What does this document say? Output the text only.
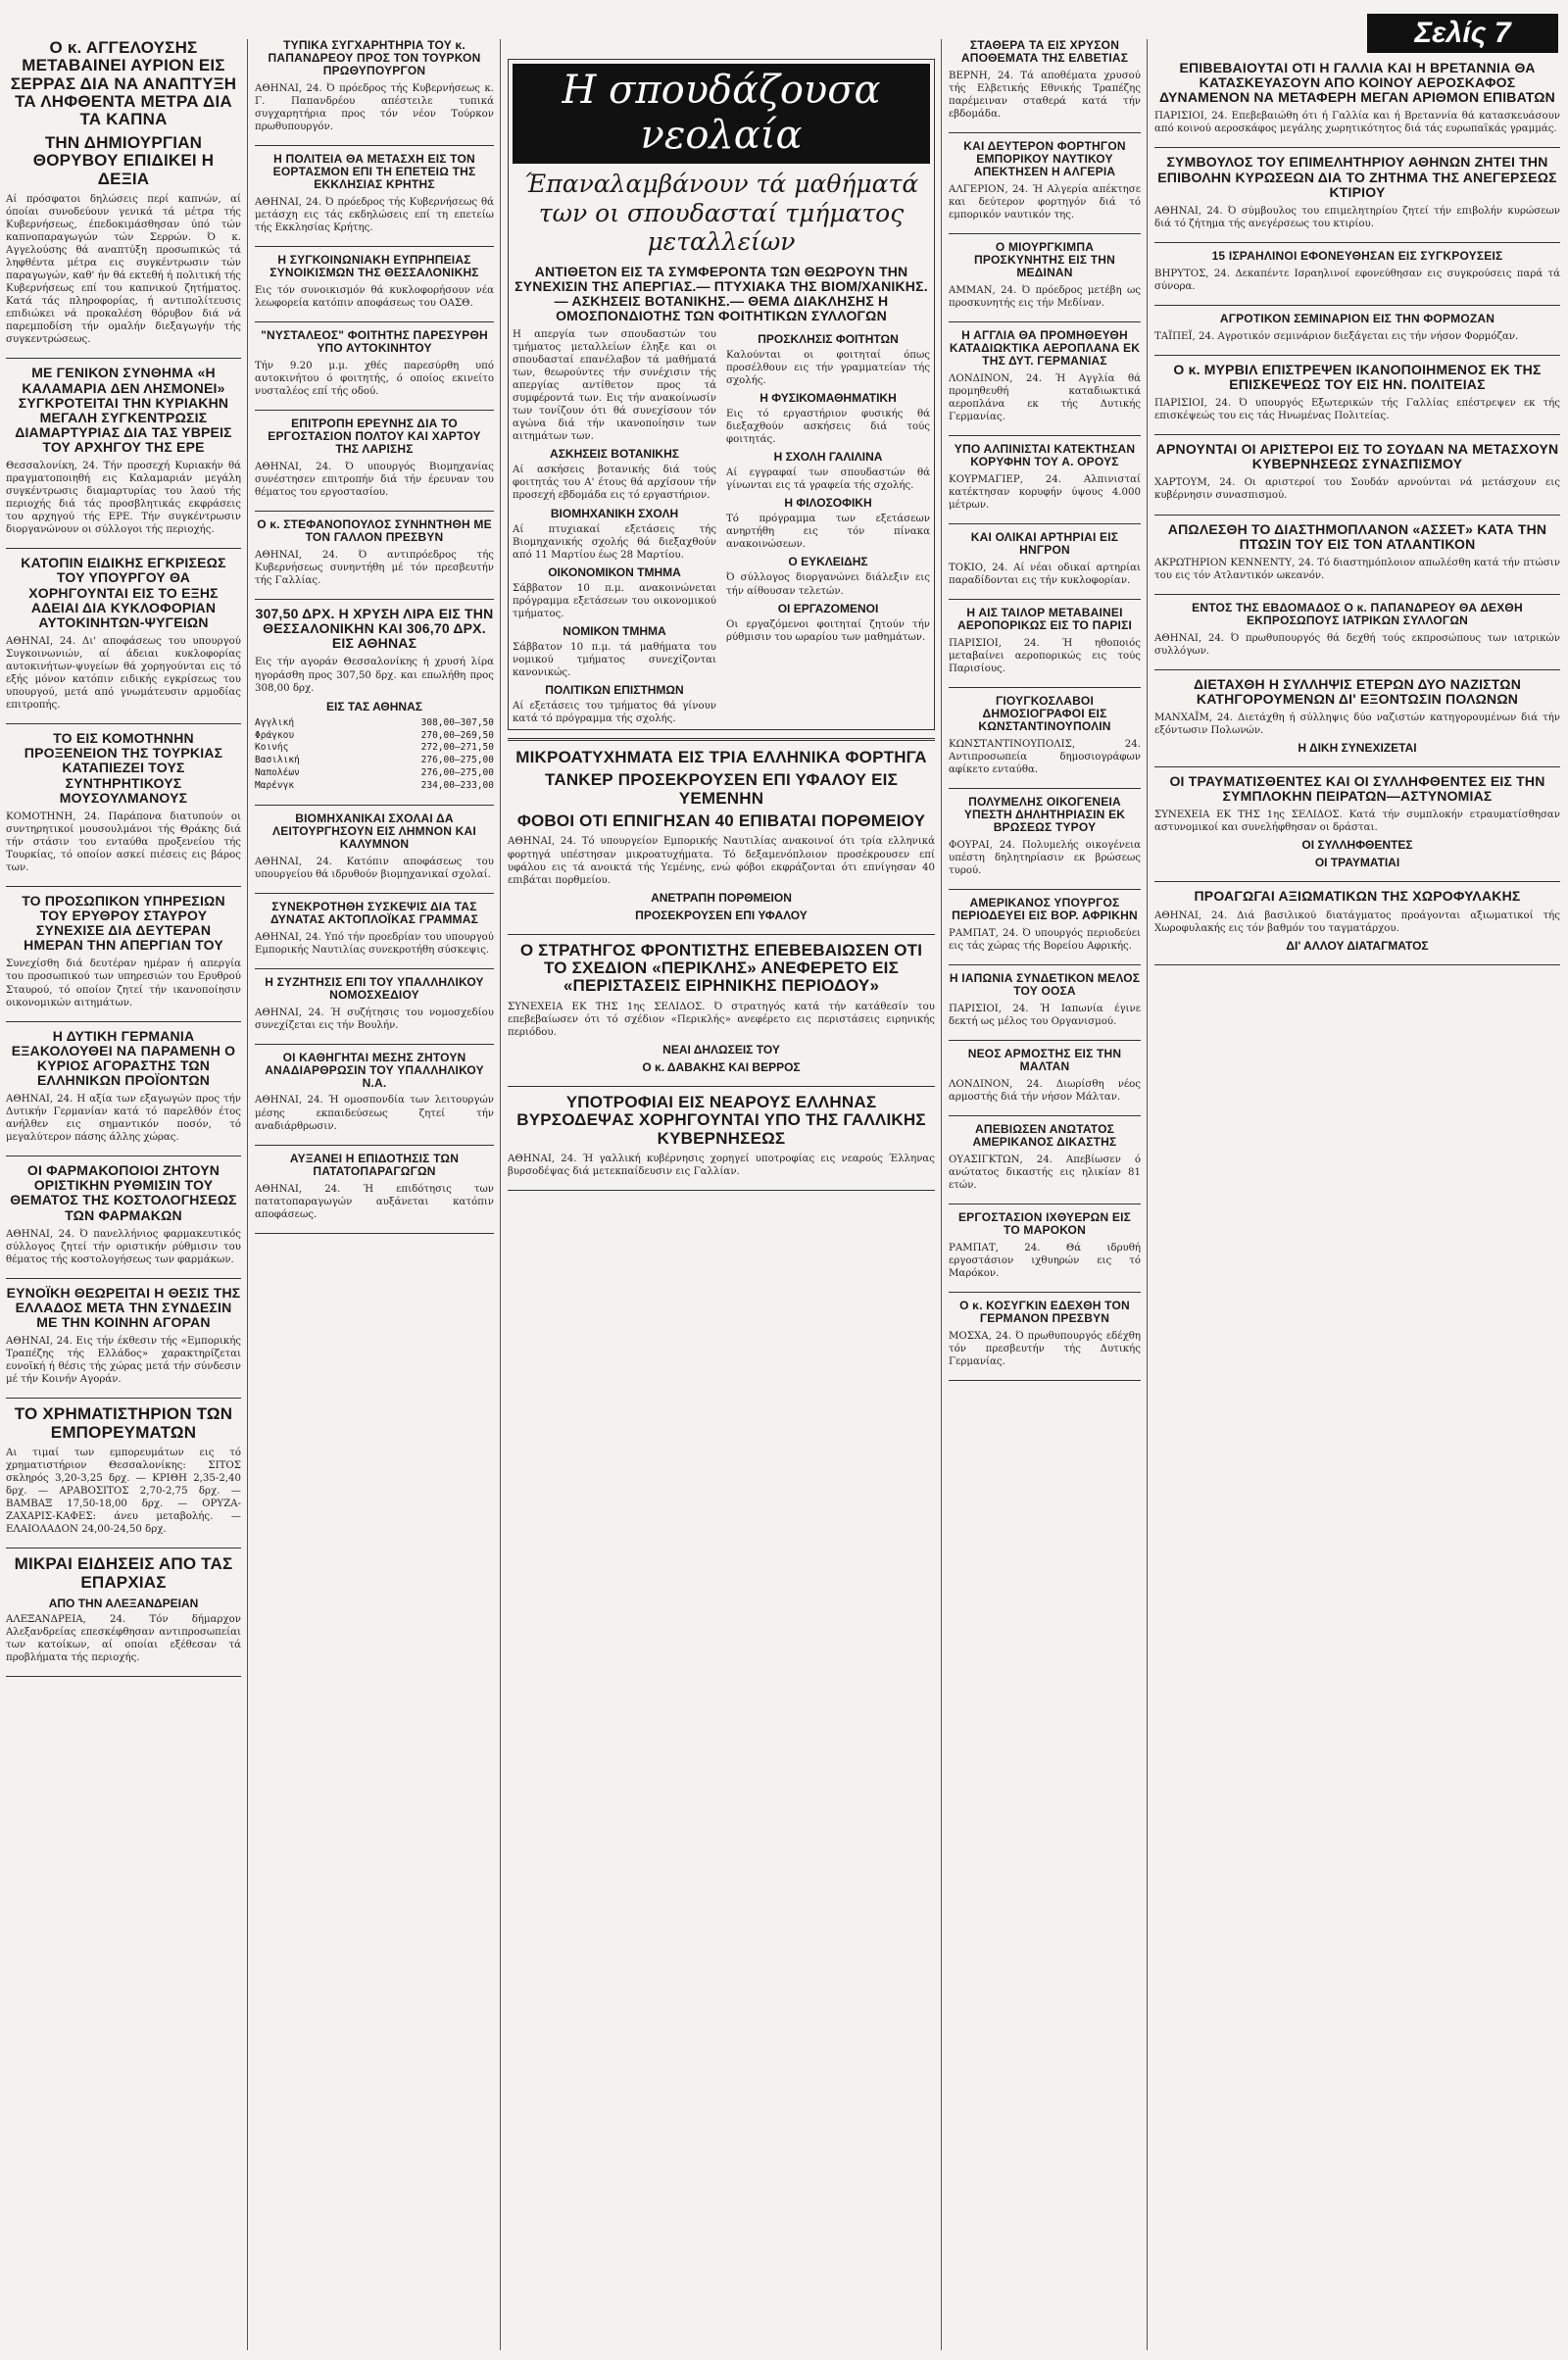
Σελίς 7
Ο κ. ΑΓΓΕΛΟΥΣΗΣ ΜΕΤΑΒΑΙΝΕΙ ΑΥΡΙΟΝ ΕΙΣ ΣΕΡΡΑΣ ΔΙΑ ΝΑ ΑΝΑΠΤΥΞΗ ΤΑ ΛΗΦΘΕΝΤΑ ΜΕΤΡΑ ΔΙΑ ΤΑ ΚΑΠΝΑ
ΤΗΝ ΔΗΜΙΟΥΡΓΙΑΝ ΘΟΡΥΒΟΥ ΕΠΙΔΙΚΕΙ Η ΔΕΞΙΑ

Αί πρόσφατοι δηλώσεις περί καπνών, αί όποίαι συνοδεύουν γενικά τά μέτρα τής Κυβερνήσεως, έπεδοκιμάσθησαν ύπό τών καπνοπαραγωγών τών Σερρών. Ό κ. Αγγελούσης θά αναπτύξη προσωπικώς τά ληφθέντα μέτρα εις συγκέντρωσιν τών παραγωγών, καθ' ήν θά εκτεθή ή πολιτική τής Κυβερνήσεως επί του καπνικού ζητήματος. Κατά τάς πληροφορίας, ή αντιπολίτευσις επιδιώκει νά προκαλέση θόρυβον διά νά παρεμποδίση τήν ομαλήν διεξαγωγήν τής συγκεντρώσεως.

ΜΕ ΓΕΝΙΚΟΝ ΣΥΝΘΗΜΑ «Η ΚΑΛΑΜΑΡΙΑ ΔΕΝ ΛΗΣΜΟΝΕΙ» ΣΥΓΚΡΟΤΕΙΤΑΙ ΤΗΝ ΚΥΡΙΑΚΗΝ ΜΕΓΑΛΗ ΣΥΓΚΕΝΤΡΩΣΙΣ ΔΙΑΜΑΡΤΥΡΙΑΣ ΔΙΑ ΤΑΣ ΥΒΡΕΙΣ ΤΟΥ ΑΡΧΗΓΟΥ ΤΗΣ ΕΡΕ

Θεσσαλονίκη, 24. Τήν προσεχή Κυριακήν θά πραγματοποιηθή εις Καλαμαριάν μεγάλη συγκέντρωσις διαμαρτυρίας του λαού τής περιοχής διά τάς προσβλητικάς εκφράσεις του αρχηγού τής ΕΡΕ. Τήν συγκέντρωσιν διοργανώνουν οι σύλλογοι τής περιοχής.

ΚΑΤΟΠΙΝ ΕΙΔΙΚΗΣ ΕΓΚΡΙΣΕΩΣ ΤΟΥ ΥΠΟΥΡΓΟΥ ΘΑ ΧΟΡΗΓΟΥΝΤΑΙ ΕΙΣ ΤΟ ΕΞΗΣ ΑΔΕΙΑΙ ΔΙΑ ΚΥΚΛΟΦΟΡΙΑΝ ΑΥΤΟΚΙΝΗΤΩΝ-ΨΥΓΕΙΩΝ

ΑΘΗΝΑΙ, 24. Δι' αποφάσεως του υπουργού Συγκοινωνιών, αί άδειαι κυκλοφορίας αυτοκινήτων-ψυγείων θά χορηγούνται εις τό εξής μόνον κατόπιν ειδικής εγκρίσεως του υπουργού, μετά από γνωμάτευσιν αρμοδίας επιτροπής.

ΤΟ ΕΙΣ ΚΟΜΟΤΗΝΗΝ ΠΡΟΞΕΝΕΙΟΝ ΤΗΣ ΤΟΥΡΚΙΑΣ ΚΑΤΑΠΙΕΖΕΙ ΤΟΥΣ ΣΥΝΤΗΡΗΤΙΚΟΥΣ ΜΟΥΣΟΥΛΜΑΝΟΥΣ

ΚΟΜΟΤΗΝΗ, 24. Παράπονα διατυπούν οι συντηρητικοί μουσουλμάνοι τής Θράκης διά τήν στάσιν του ενταύθα προξενείου τής Τουρκίας, τό οποίον ασκεί πιέσεις εις βάρος των.

ΤΟ ΠΡΟΣΩΠΙΚΟΝ ΥΠΗΡΕΣΙΩΝ ΤΟΥ ΕΡΥΘΡΟΥ ΣΤΑΥΡΟΥ ΣΥΝΕΧΙΣΕ ΔΙΑ ΔΕΥΤΕΡΑΝ ΗΜΕΡΑΝ ΤΗΝ ΑΠΕΡΓΙΑΝ ΤΟΥ

Συνεχίσθη διά δευτέραν ημέραν ή απεργία του προσωπικού των υπηρεσιών του Ερυθρού Σταυρού, τό οποίον ζητεί τήν ικανοποίησιν οικονομικών αιτημάτων.

Η ΔΥΤΙΚΗ ΓΕΡΜΑΝΙΑ ΕΞΑΚΟΛΟΥΘΕΙ ΝΑ ΠΑΡΑΜΕΝΗ Ο ΚΥΡΙΟΣ ΑΓΟΡΑΣΤΗΣ ΤΩΝ ΕΛΛΗΝΙΚΩΝ ΠΡΟΪΟΝΤΩΝ

ΑΘΗΝΑΙ, 24. Η αξία των εξαγωγών προς τήν Δυτικήν Γερμανίαν κατά τό παρελθόν έτος ανήλθεν εις σημαντικόν ποσόν, τό μεγαλύτερον πάσης άλλης χώρας.

ΟΙ ΦΑΡΜΑΚΟΠΟΙΟΙ ΖΗΤΟΥΝ ΟΡΙΣΤΙΚΗΝ ΡΥΘΜΙΣΙΝ ΤΟΥ ΘΕΜΑΤΟΣ ΤΗΣ ΚΟΣΤΟΛΟΓΗΣΕΩΣ ΤΩΝ ΦΑΡΜΑΚΩΝ

ΑΘΗΝΑΙ, 24. Ό πανελλήνιος φαρμακευτικός σύλλογος ζητεί τήν οριστικήν ρύθμισιν του θέματος τής κοστολογήσεως των φαρμάκων.

ΕΥΝΟΪΚΗ ΘΕΩΡΕΙΤΑΙ Η ΘΕΣΙΣ ΤΗΣ ΕΛΛΑΔΟΣ ΜΕΤΑ ΤΗΝ ΣΥΝΔΕΣΙΝ ΜΕ ΤΗΝ ΚΟΙΝΗΝ ΑΓΟΡΑΝ

ΑΘΗΝΑΙ, 24. Εις τήν έκθεσιν τής «Εμπορικής Τραπέζης τής Ελλάδος» χαρακτηρίζεται ευνοϊκή ή θέσις τής χώρας μετά τήν σύνδεσιν μέ τήν Κοινήν Αγοράν.

ΤΟ ΧΡΗΜΑΤΙΣΤΗΡΙΟΝ ΤΩΝ ΕΜΠΟΡΕΥΜΑΤΩΝ

Αι τιμαί των εμπορευμάτων εις τό χρηματιστήριον Θεσσαλονίκης: ΣΙΤΟΣ σκληρός 3,20-3,25 δρχ. — ΚΡΙΘΗ 2,35-2,40 δρχ. — ΑΡΑΒΟΣΙΤΟΣ 2,70-2,75 δρχ. — ΒΑΜΒΑΞ 17,50-18,00 δρχ. — ΟΡΥΖΑ-ΖΑΧΑΡΙΣ-ΚΑΦΕΣ: άνευ μεταβολής. — ΕΛΑΙΟΛΑΔΟΝ 24,00-24,50 δρχ.

ΜΙΚΡΑΙ ΕΙΔΗΣΕΙΣ ΑΠΟ ΤΑΣ ΕΠΑΡΧΙΑΣ
ΑΠΟ ΤΗΝ ΑΛΕΞΑΝΔΡΕΙΑΝ

ΑΛΕΞΑΝΔΡΕΙΑ, 24. Τόν δήμαρχον Αλεξανδρείας επεσκέφθησαν αντιπροσωπείαι των κατοίκων, αί οποίαι εξέθεσαν τά προβλήματα τής περιοχής.

ΤΥΠΙΚΑ ΣΥΓΧΑΡΗΤΗΡΙΑ ΤΟΥ κ. ΠΑΠΑΝΔΡΕΟΥ ΠΡΟΣ ΤΟΝ ΤΟΥΡΚΟΝ ΠΡΩΘΥΠΟΥΡΓΟΝ

ΑΘΗΝΑΙ, 24. Ό πρόεδρος τής Κυβερνήσεως κ. Γ. Παπανδρέου απέστειλε τυπικά συγχαρητήρια προς τόν νέον Τούρκον πρωθυπουργόν.

Η ΠΟΛΙΤΕΙΑ ΘΑ ΜΕΤΑΣΧΗ ΕΙΣ ΤΟΝ ΕΟΡΤΑΣΜΟΝ ΕΠΙ ΤΗ ΕΠΕΤΕΙΩ ΤΗΣ ΕΚΚΛΗΣΙΑΣ ΚΡΗΤΗΣ

ΑΘΗΝΑΙ, 24. Ό πρόεδρος τής Κυβερνήσεως θά μετάσχη εις τάς εκδηλώσεις επί τη επετείω τής Εκκλησίας Κρήτης.

Η ΣΥΓΚΟΙΝΩΝΙΑΚΗ ΕΥΠΡΗΠΕΙΑΣ ΣΥΝΟΙΚΙΣΜΩΝ ΤΗΣ ΘΕΣΣΑΛΟΝΙΚΗΣ

Εις τόν συνοικισμόν θά κυκλοφορήσουν νέα λεωφορεία κατόπιν αποφάσεως του ΟΑΣΘ.

"ΝΥΣΤΑΛΕΟΣ" ΦΟΙΤΗΤΗΣ ΠΑΡΕΣΥΡΘΗ ΥΠΟ ΑΥΤΟΚΙΝΗΤΟΥ

Τήν 9.20 μ.μ. χθές παρεσύρθη υπό αυτοκινήτου ό φοιτητής, ό οποίος εκινείτο νυσταλέος επί τής οδού.

ΕΠΙΤΡΟΠΗ ΕΡΕΥΝΗΣ ΔΙΑ ΤΟ ΕΡΓΟΣΤΑΣΙΟΝ ΠΟΛΤΟΥ ΚΑΙ ΧΑΡΤΟΥ ΤΗΣ ΛΑΡΙΣΗΣ

ΑΘΗΝΑΙ, 24. Ό υπουργός Βιομηχανίας συνέστησεν επιτροπήν διά τήν έρευναν του θέματος του εργοστασίου.

Ο κ. ΣΤΕΦΑΝΟΠΟΥΛΟΣ ΣΥΝΗΝΤΗΘΗ ΜΕ ΤΟΝ ΓΑΛΛΟΝ ΠΡΕΣΒΥΝ

ΑΘΗΝΑΙ, 24. Ό αντιπρόεδρος τής Κυβερνήσεως συνηντήθη μέ τόν πρεσβευτήν τής Γαλλίας.

307,50 ΔΡΧ. Η ΧΡΥΣΗ ΛΙΡΑ ΕΙΣ ΤΗΝ ΘΕΣΣΑΛΟΝΙΚΗΝ ΚΑΙ 306,70 ΔΡΧ. ΕΙΣ ΑΘΗΝΑΣ

Εις τήν αγοράν Θεσσαλονίκης ή χρυσή λίρα ηγοράσθη προς 307,50 δρχ. και επωλήθη προς 308,00 δρχ.

ΕΙΣ ΤΑΣ ΑΘΗΝΑΣ
Αγγλική	308,00—307,50
Φράγκου	270,00—269,50
Κοινής	272,00—271,50
Βασιλική	276,00—275,00
Ναπολέων	276,00—275,00
Μαρένγκ	234,00—233,00
ΒΙΟΜΗΧΑΝΙΚΑΙ ΣΧΟΛΑΙ ΔΑ ΛΕΙΤΟΥΡΓΗΣΟΥΝ ΕΙΣ ΛΗΜΝΟΝ ΚΑΙ ΚΑΛΥΜΝΟΝ

ΑΘΗΝΑΙ, 24. Κατόπιν αποφάσεως του υπουργείου θά ιδρυθούν βιομηχανικαί σχολαί.

ΣΥΝΕΚΡΟΤΗΘΗ ΣΥΣΚΕΨΙΣ ΔΙΑ ΤΑΣ ΔΥΝΑΤΑΣ ΑΚΤΟΠΛΟΪΚΑΣ ΓΡΑΜΜΑΣ

ΑΘΗΝΑΙ, 24. Υπό τήν προεδρίαν του υπουργού Εμπορικής Ναυτιλίας συνεκροτήθη σύσκεψις.

Η ΣΥΖΗΤΗΣΙΣ ΕΠΙ ΤΟΥ ΥΠΑΛΛΗΛΙΚΟΥ ΝΟΜΟΣΧΕΔΙΟΥ

ΑΘΗΝΑΙ, 24. Ή συζήτησις του νομοσχεδίου συνεχίζεται εις τήν Βουλήν.

ΟΙ ΚΑΘΗΓΗΤΑΙ ΜΕΣΗΣ ΖΗΤΟΥΝ ΑΝΑΔΙΑΡΘΡΩΣΙΝ ΤΟΥ ΥΠΑΛΛΗΛΙΚΟΥ Ν.Α.

ΑΘΗΝΑΙ, 24. Ή ομοσπονδία των λειτουργών μέσης εκπαιδεύσεως ζητεί τήν αναδιάρθρωσιν.

ΑΥΞΑΝΕΙ Η ΕΠΙΔΟΤΗΣΙΣ ΤΩΝ ΠΑΤΑΤΟΠΑΡΑΓΩΓΩΝ

ΑΘΗΝΑΙ, 24. Ή επιδότησις των πατατοπαραγωγών αυξάνεται κατόπιν αποφάσεως.

Η σπουδάζουσα νεολαία
Έπαναλαμβάνουν τά μαθήματά των οι σπουδασταί τμήματος μεταλλείων
ΑΝΤΙΘΕΤΟΝ ΕΙΣ ΤΑ ΣΥΜΦΕΡΟΝΤΑ ΤΩΝ ΘΕΩΡΟΥΝ ΤΗΝ ΣΥΝΕΧΙΣΙΝ ΤΗΣ ΑΠΕΡΓΙΑΣ.— ΠΤΥΧΙΑΚΑ ΤΗΣ ΒΙΟΜ/ΧΑΝΙΚΗΣ.— ΑΣΚΗΣΕΙΣ ΒΟΤΑΝΙΚΗΣ.— ΘΕΜΑ ΔΙΑΚΛΗΣΗΣ Η ΟΜΟΣΠΟΝΔΙΟΤΗΣ ΤΩΝ ΦΟΙΤΗΤΙΚΩΝ ΣΥΛΛΟΓΩΝ

Η απεργία των σπουδαστών του τμήματος μεταλλείων έληξε και οι σπουδασταί επανέλαβον τά μαθήματά των, θεωρούντες τήν συνέχισιν τής απεργίας αντίθετον προς τά συμφέροντά των. Εις τήν ανακοίνωσίν των τονίζουν ότι θά συνεχίσουν τόν αγώνα διά τήν ικανοποίησιν των αιτημάτων των.

ΑΣΚΗΣΕΙΣ ΒΟΤΑΝΙΚΗΣ

Αί ασκήσεις βοτανικής διά τούς φοιτητάς του Α' έτους θά αρχίσουν τήν προσεχή εβδομάδα εις τό εργαστήριον.

ΒΙΟΜΗΧΑΝΙΚΗ ΣΧΟΛΗ

Αί πτυχιακαί εξετάσεις τής Βιομηχανικής σχολής θά διεξαχθούν από 11 Μαρτίου έως 28 Μαρτίου.

ΟΙΚΟΝΟΜΙΚΟΝ ΤΜΗΜΑ

Σάββατον 10 π.μ. ανακοινώνεται πρόγραμμα εξετάσεων του οικονομικού τμήματος.

ΝΟΜΙΚΟΝ ΤΜΗΜΑ

Σάββατον 10 π.μ. τά μαθήματα του νομικού τμήματος συνεχίζονται κανονικώς.

ΠΟΛΙΤΙΚΩΝ ΕΠΙΣΤΗΜΩΝ

Αί εξετάσεις του τμήματος θά γίνουν κατά τό πρόγραμμα τής σχολής.

ΠΡΟΣΚΛΗΣΙΣ ΦΟΙΤΗΤΩΝ

Καλούνται οι φοιτηταί όπως προσέλθουν εις τήν γραμματείαν τής σχολής.

Η ΦΥΣΙΚΟΜΑΘΗΜΑΤΙΚΗ

Εις τό εργαστήριον φυσικής θά διεξαχθούν ασκήσεις διά τούς φοιτητάς.

Η ΣΧΟΛΗ ΓΑΛΙΛΙΝΑ

Αί εγγραφαί των σπουδαστών θά γίνωνται εις τά γραφεία τής σχολής.

Η ΦΙΛΟΣΟΦΙΚΗ

Τό πρόγραμμα των εξετάσεων ανηρτήθη εις τόν πίνακα ανακοινώσεων.

Ο ΕΥΚΛΕΙΔΗΣ

Ό σύλλογος διοργανώνει διάλεξιν εις τήν αίθουσαν τελετών.

ΟΙ ΕΡΓΑΖΟΜΕΝΟΙ

Οι εργαζόμενοι φοιτηταί ζητούν τήν ρύθμισιν του ωραρίου των μαθημάτων.

ΜΙΚΡΟΑΤΥΧΗΜΑΤΑ ΕΙΣ ΤΡΙΑ ΕΛΛΗΝΙΚΑ ΦΟΡΤΗΓΑ
ΤΑΝΚΕΡ ΠΡΟΣΕΚΡΟΥΣΕΝ ΕΠΙ ΥΦΑΛΟΥ ΕΙΣ ΥΕΜΕΝΗΝ
ΦΟΒΟΙ ΟΤΙ ΕΠΝΙΓΗΣΑΝ 40 ΕΠΙΒΑΤΑΙ ΠΟΡΘΜΕΙΟΥ

ΑΘΗΝΑΙ, 24. Τό υπουργείον Εμπορικής Ναυτιλίας ανακοινοί ότι τρία ελληνικά φορτηγά υπέστησαν μικροατυχήματα. Τό δεξαμενόπλοιον προσέκρουσεν επί υφάλου εις τά ανοικτά τής Υεμένης, ενώ φόβοι εκφράζονται ότι επνίγησαν 40 επιβάται πορθμείου.

ΑΝΕΤΡΑΠΗ ΠΟΡΘΜΕΙΟΝ
ΠΡΟΣΕΚΡΟΥΣΕΝ ΕΠΙ ΥΦΑΛΟΥ
Ο ΣΤΡΑΤΗΓΟΣ ΦΡΟΝΤΙΣΤΗΣ ΕΠΕΒΕΒΑΙΩΣΕΝ ΟΤΙ ΤΟ ΣΧΕΔΙΟΝ «ΠΕΡΙΚΛΗΣ» ΑΝΕΦΕΡΕΤΟ ΕΙΣ «ΠΕΡΙΣΤΑΣΕΙΣ ΕΙΡΗΝΙΚΗΣ ΠΕΡΙΟΔΟΥ»

ΣΥΝΕΧΕΙΑ ΕΚ ΤΗΣ 1ης ΣΕΛΙΔΟΣ. Ό στρατηγός κατά τήν κατάθεσίν του επεβεβαίωσεν ότι τό σχέδιον «Περικλής» ανεφέρετο εις περιστάσεις ειρηνικής περιόδου.

ΝΕΑΙ ΔΗΛΩΣΕΙΣ ΤΟΥ
Ο κ. ΔΑΒΑΚΗΣ ΚΑΙ ΒΕΡΡΟΣ
ΥΠΟΤΡΟΦΙΑΙ ΕΙΣ ΝΕΑΡΟΥΣ ΕΛΛΗΝΑΣ ΒΥΡΣΟΔΕΨΑΣ ΧΟΡΗΓΟΥΝΤΑΙ ΥΠΟ ΤΗΣ ΓΑΛΛΙΚΗΣ ΚΥΒΕΡΝΗΣΕΩΣ

ΑΘΗΝΑΙ, 24. Ή γαλλική κυβέρνησις χορηγεί υποτροφίας εις νεαρούς Έλληνας βυρσοδέψας διά μετεκπαίδευσιν εις Γαλλίαν.

ΣΤΑΘΕΡΑ ΤΑ ΕΙΣ ΧΡΥΣΟΝ ΑΠΟΘΕΜΑΤΑ ΤΗΣ ΕΛΒΕΤΙΑΣ

ΒΕΡΝΗ, 24. Τά αποθέματα χρυσού τής Ελβετικής Εθνικής Τραπέζης παρέμειναν σταθερά κατά τήν εβδομάδα.

ΚΑΙ ΔΕΥΤΕΡΟΝ ΦΟΡΤΗΓΟΝ ΕΜΠΟΡΙΚΟΥ ΝΑΥΤΙΚΟΥ ΑΠΕΚΤΗΣΕΝ Η ΑΛΓΕΡΙΑ

ΑΛΓΕΡΙΟΝ, 24. Ή Αλγερία απέκτησε και δεύτερον φορτηγόν διά τό εμπορικόν ναυτικόν της.

Ο ΜΙΟΥΡΓΚΙΜΠΑ ΠΡΟΣΚΥΝΗΤΗΣ ΕΙΣ ΤΗΝ ΜΕΔΙΝΑΝ

ΑΜΜΑΝ, 24. Ό πρόεδρος μετέβη ως προσκυνητής εις τήν Μεδίναν.

Η ΑΓΓΛΙΑ ΘΑ ΠΡΟΜΗΘΕΥΘΗ ΚΑΤΑΔΙΩΚΤΙΚΑ ΑΕΡΟΠΛΑΝΑ ΕΚ ΤΗΣ ΔΥΤ. ΓΕΡΜΑΝΙΑΣ

ΛΟΝΔΙΝΟΝ, 24. Ή Αγγλία θά προμηθευθή καταδιωκτικά αεροπλάνα εκ τής Δυτικής Γερμανίας.

ΥΠΟ ΑΛΠΙΝΙΣΤΑΙ ΚΑΤΕΚΤΗΣΑΝ ΚΟΡΥΦΗΝ ΤΟΥ Α. ΟΡΟΥΣ

ΚΟΥΡΜΑΓΙΕΡ, 24. Αλπινισταί κατέκτησαν κορυφήν ύψους 4.000 μέτρων.

ΚΑΙ ΟΛΙΚΑΙ ΑΡΤΗΡΙΑΙ ΕΙΣ ΗΝΓΡΟΝ

ΤΟΚΙΟ, 24. Αί νέαι οδικαί αρτηρίαι παραδίδονται εις τήν κυκλοφορίαν.

Η ΑΙΣ ΤΑΙΛΟΡ ΜΕΤΑΒΑΙΝΕΙ ΑΕΡΟΠΟΡΙΚΩΣ ΕΙΣ ΤΟ ΠΑΡΙΣΙ

ΠΑΡΙΣΙΟΙ, 24. Ή ηθοποιός μεταβαίνει αεροπορικώς εις τούς Παρισίους.

ΓΙΟΥΓΚΟΣΛΑΒΟΙ ΔΗΜΟΣΙΟΓΡΑΦΟΙ ΕΙΣ ΚΩΝΣΤΑΝΤΙΝΟΥΠΟΛΙΝ

ΚΩΝΣΤΑΝΤΙΝΟΥΠΟΛΙΣ, 24. Αντιπροσωπεία δημοσιογράφων αφίκετο ενταύθα.

ΠΟΛΥΜΕΛΗΣ ΟΙΚΟΓΕΝΕΙΑ ΥΠΕΣΤΗ ΔΗΛΗΤΗΡΙΑΣΙΝ ΕΚ ΒΡΩΣΕΩΣ ΤΥΡΟΥ

ΦΟΥΡΑΙ, 24. Πολυμελής οικογένεια υπέστη δηλητηρίασιν εκ βρώσεως τυρού.

ΑΜΕΡΙΚΑΝΟΣ ΥΠΟΥΡΓΟΣ ΠΕΡΙΟΔΕΥΕΙ ΕΙΣ ΒΟΡ. ΑΦΡΙΚΗΝ

ΡΑΜΠΑΤ, 24. Ό υπουργός περιοδεύει εις τάς χώρας τής Βορείου Αφρικής.

Η ΙΑΠΩΝΙΑ ΣΥΝΔΕΤΙΚΟΝ ΜΕΛΟΣ ΤΟΥ ΟΟΣΑ

ΠΑΡΙΣΙΟΙ, 24. Ή Ιαπωνία έγινε δεκτή ως μέλος του Οργανισμού.

ΝΕΟΣ ΑΡΜΟΣΤΗΣ ΕΙΣ ΤΗΝ ΜΑΛΤΑΝ

ΛΟΝΔΙΝΟΝ, 24. Διωρίσθη νέος αρμοστής διά τήν νήσον Μάλταν.

ΑΠΕΒΙΩΣΕΝ ΑΝΩΤΑΤΟΣ ΑΜΕΡΙΚΑΝΟΣ ΔΙΚΑΣΤΗΣ

ΟΥΑΣΙΓΚΤΩΝ, 24. Απεβίωσεν ό ανώτατος δικαστής εις ηλικίαν 81 ετών.

ΕΡΓΟΣΤΑΣΙΟΝ ΙΧΘΥΕΡΩΝ ΕΙΣ ΤΟ ΜΑΡΟΚΟΝ

ΡΑΜΠΑΤ, 24. Θά ιδρυθή εργοστάσιον ιχθυηρών εις τό Μαρόκον.

Ο κ. ΚΟΣΥΓΚΙΝ ΕΔΕΧΘΗ ΤΟΝ ΓΕΡΜΑΝΟΝ ΠΡΕΣΒΥΝ

ΜΟΣΧΑ, 24. Ό πρωθυπουργός εδέχθη τόν πρεσβευτήν τής Δυτικής Γερμανίας.

ΕΠΙΒΕΒΑΙΟΥΤΑΙ ΟΤΙ Η ΓΑΛΛΙΑ ΚΑΙ Η ΒΡΕΤΑΝΝΙΑ ΘΑ ΚΑΤΑΣΚΕΥΑΣΟΥΝ ΑΠΟ ΚΟΙΝΟΥ ΑΕΡΟΣΚΑΦΟΣ ΔΥΝΑΜΕΝΟΝ ΝΑ ΜΕΤΑΦΕΡΗ ΜΕΓΑΝ ΑΡΙΘΜΟΝ ΕΠΙΒΑΤΩΝ

ΠΑΡΙΣΙΟΙ, 24. Επεβεβαιώθη ότι ή Γαλλία και ή Βρεταννία θά κατασκευάσουν από κοινού αεροσκάφος μεγάλης χωρητικότητος διά τάς ευρωπαϊκάς γραμμάς.

ΣΥΜΒΟΥΛΟΣ ΤΟΥ ΕΠΙΜΕΛΗΤΗΡΙΟΥ ΑΘΗΝΩΝ ΖΗΤΕΙ ΤΗΝ ΕΠΙΒΟΛΗΝ ΚΥΡΩΣΕΩΝ ΔΙΑ ΤΟ ΖΗΤΗΜΑ ΤΗΣ ΑΝΕΓΕΡΣΕΩΣ ΚΤΙΡΙΟΥ

ΑΘΗΝΑΙ, 24. Ό σύμβουλος του επιμελητηρίου ζητεί τήν επιβολήν κυρώσεων διά τό ζήτημα τής ανεγέρσεως του κτιρίου.

15 ΙΣΡΑΗΛΙΝΟΙ ΕΦΟΝΕΥΘΗΣΑΝ ΕΙΣ ΣΥΓΚΡΟΥΣΕΙΣ

ΒΗΡΥΤΟΣ, 24. Δεκαπέντε Ισραηλινοί εφονεύθησαν εις συγκρούσεις παρά τά σύνορα.

ΑΓΡΟΤΙΚΟΝ ΣΕΜΙΝΑΡΙΟΝ ΕΙΣ ΤΗΝ ΦΟΡΜΟΖΑΝ

ΤΑΪΠΕΪ, 24. Αγροτικόν σεμινάριον διεξάγεται εις τήν νήσον Φορμόζαν.

Ο κ. ΜΥΡΒΙΛ ΕΠΙΣΤΡΕΨΕΝ ΙΚΑΝΟΠΟΙΗΜΕΝΟΣ ΕΚ ΤΗΣ ΕΠΙΣΚΕΨΕΩΣ ΤΟΥ ΕΙΣ ΗΝ. ΠΟΛΙΤΕΙΑΣ

ΠΑΡΙΣΙΟΙ, 24. Ό υπουργός Εξωτερικών τής Γαλλίας επέστρεψεν εκ τής επισκέψεώς του εις τάς Ηνωμένας Πολιτείας.

ΑΡΝΟΥΝΤΑΙ ΟΙ ΑΡΙΣΤΕΡΟΙ ΕΙΣ ΤΟ ΣΟΥΔΑΝ ΝΑ ΜΕΤΑΣΧΟΥΝ ΚΥΒΕΡΝΗΣΕΩΣ ΣΥΝΑΣΠΙΣΜΟΥ

ΧΑΡΤΟΥΜ, 24. Οι αριστεροί του Σουδάν αρνούνται νά μετάσχουν εις κυβέρνησιν συνασπισμού.

ΑΠΩΛΕΣΘΗ ΤΟ ΔΙΑΣΤΗΜΟΠΛΑΝΟΝ «ΑΣΣΕΤ» ΚΑΤΑ ΤΗΝ ΠΤΩΣΙΝ ΤΟΥ ΕΙΣ ΤΟΝ ΑΤΛΑΝΤΙΚΟΝ

ΑΚΡΩΤΗΡΙΟΝ ΚΕΝΝΕΝΤΥ, 24. Τό διαστημόπλοιον απωλέσθη κατά τήν πτώσιν του εις τόν Ατλαντικόν ωκεανόν.

ΕΝΤΟΣ ΤΗΣ ΕΒΔΟΜΑΔΟΣ Ο κ. ΠΑΠΑΝΔΡΕΟΥ ΘΑ ΔΕΧΘΗ ΕΚΠΡΟΣΩΠΟΥΣ ΙΑΤΡΙΚΩΝ ΣΥΛΛΟΓΩΝ

ΑΘΗΝΑΙ, 24. Ό πρωθυπουργός θά δεχθή τούς εκπροσώπους των ιατρικών συλλόγων.

ΔΙΕΤΑΧΘΗ Η ΣΥΛΛΗΨΙΣ ΕΤΕΡΩΝ ΔΥΟ ΝΑΖΙΣΤΩΝ ΚΑΤΗΓΟΡΟΥΜΕΝΩΝ ΔΙ' ΕΞΟΝΤΩΣΙΝ ΠΟΛΩΝΩΝ

ΜΑΝΧΑΪΜ, 24. Διετάχθη ή σύλληψις δύο ναζιστών κατηγορουμένων διά τήν εξόντωσιν Πολωνών.

Η ΔΙΚΗ ΣΥΝΕΧΙΖΕΤΑΙ
ΟΙ ΤΡΑΥΜΑΤΙΣΘΕΝΤΕΣ ΚΑΙ ΟΙ ΣΥΛΛΗΦΘΕΝΤΕΣ ΕΙΣ ΤΗΝ ΣΥΜΠΛΟΚΗΝ ΠΕΙΡΑΤΩΝ—ΑΣΤΥΝΟΜΙΑΣ

ΣΥΝΕΧΕΙΑ ΕΚ ΤΗΣ 1ης ΣΕΛΙΔΟΣ. Κατά τήν συμπλοκήν ετραυματίσθησαν αστυνομικοί και συνελήφθησαν οι δράσται.

ΟΙ ΣΥΛΛΗΦΘΕΝΤΕΣ
ΟΙ ΤΡΑΥΜΑΤΙΑΙ
ΠΡΟΑΓΩΓΑΙ ΑΞΙΩΜΑΤΙΚΩΝ ΤΗΣ ΧΩΡΟΦΥΛΑΚΗΣ

ΑΘΗΝΑΙ, 24. Διά βασιλικού διατάγματος προάγονται αξιωματικοί τής Χωροφυλακής εις τόν βαθμόν του ταγματάρχου.

ΔΙ' ΑΛΛΟΥ ΔΙΑΤΑΓΜΑΤΟΣ
